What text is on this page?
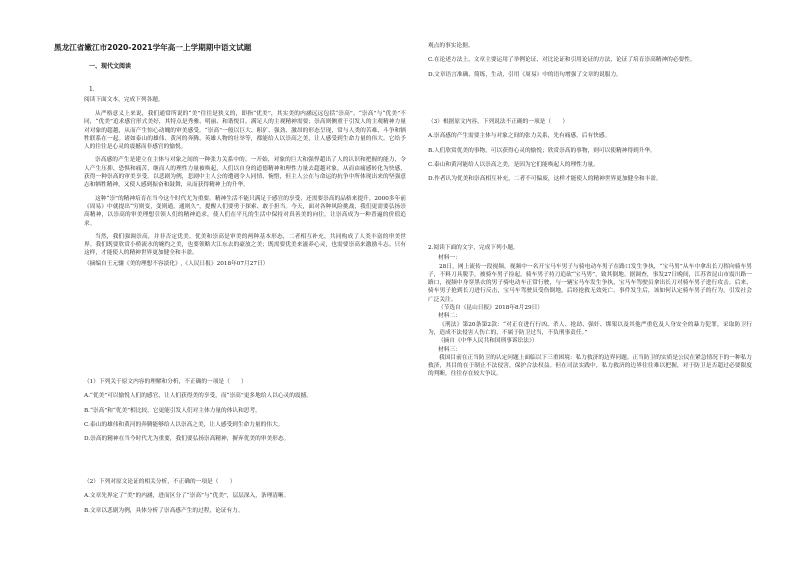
黑龙江省嫩江市2020-2021学年高一上学期期中语文试题
一、现代文阅读
1.

阅读下面文本，完成下列各题。

从严格意义上来说，我们通常所说的“美”往往是狭义的，即指“优美”，其实美的内涵远远包括“崇高”。“崇高”与“优美”不同，“优美”追求感官形式美好，其特点是秀雅、明丽、和谐悦目，满足人的主观精神需要；崇高则侧重于引发人的主观精神力量对对象的超越，从而产生惊心动魄的审美感受。“崇高”一般以巨大、粗犷、强劲、激昂的形态呈现，常与人类的苦难、斗争和牺牲联系在一起。诸如泰山的雄伟、黄河的奔腾、英雄人物的壮举等，都能给人以崇高之美，让人感受到生命力量的伟大。它给予人的往往是心灵的震撼而非感官的愉悦。

崇高感的产生是建立在主体与对象之间的一种张力关系中的。一开始，对象的巨大和强悍超出了人的认识和把握的能力，令人产生压抑、恐惧和痛苦，继而人的理性力量被唤起，人们以自身的道德精神和理性力量去超越对象，从而由痛感转化为快感，获得一种崇高的审美享受。以悲剧为例，悲剧中主人公的遭遇令人同情、惋惜，但主人公在与命运的抗争中所体现出来的坚强意志和牺牲精神，又使人感到振奋和鼓舞，从而获得精神上的升华。

这种“崇”的精神培育在当今这个时代尤为重要。精神生活不能只满足于感官的享受，还需要崇高的品格来提升。2000多年前《周易》中就提出“穷则变，变则通，通则久”，提醒人们要勇于探索、敢于担当。今天，面对各种风险挑战，我们更需要弘扬崇高精神，以崇高的审美理想引领人们的精神追求，使人们在平凡的生活中保持对真善美的向往，让崇高成为一种普遍的价值追求。

当然，我们强调崇高，并非否定优美。优美和崇高是审美的两种基本形态，二者相互补充，共同构成了人类丰富的审美世界。我们既要欣赏小桥流水的婉约之美，也要领略大江东去的豪放之美；既需要优美来滋养心灵，也需要崇高来激励斗志。只有这样，才能使人的精神世界更加健全和丰盈。

（摘编自王元骧《美的理想不容淡化》,《人民日报》2018年07月27日）

（1）下列关于原文内容的理解和分析，不正确的一项是（　　）

A.“优美”可以愉悦人们的感官，让人们获得美的享受，而“崇高”更多地给人以心灵的震撼。

B.“崇高”和“优美”相比较，它更能引发人们对主体力量的体认和思考。

C.泰山的雄伟和黄河的奔腾能够给人以崇高之美，让人感受到生命力量的伟大。

D.崇高的精神在当今时代尤为重要，我们要弘扬崇高精神，摒弃优美的审美形态。

（2）下列对原文论证的相关分析，不正确的一项是（　　）

A.文章先界定了“美”的内涵，进而区分了“崇高”与“优美”，层层深入，条理清晰。

B.文章以悲剧为例，具体分析了崇高感产生的过程，论证有力。

观点的事实论据。

C.在论述方法上，文章主要运用了举例论证、对比论证和引用论证的方法，论证了培育崇高精神的必要性。

D.文章语言准确、简练，生动，引用《周易》中的语句增强了文章的说服力。

（3）根据原文内容，下列说法不正确的一项是（　　）

A.崇高感的产生需要主体与对象之间的张力关系，先有痛感，后有快感。

B.人们欣赏优美的事物，可以获得心灵的愉悦；欣赏崇高的事物，则可以使精神得到升华。

C.泰山和黄河能给人以崇高之美，是因为它们能唤起人的理性力量。

D.作者认为优美和崇高相互补充，二者不可偏废，这样才能使人的精神世界更加健全和丰盈。

2.阅读下面的文字，完成下列小题。

材料一：

28日，网上流传一段视频，视频中一名开宝马车男子与骑电动车男子在路口发生争执，“宝马男”从车中拿出长刀挥向骑车男子，不料刀具脱手，被骑车男子捡起，骑车男子持刀追砍“宝马男”，致其倒地。据调查，事发27日晚间，江苏省昆山市震川路一路口，视频中身穿黑衣的男子骑电动车正常行驶，与一辆宝马车发生争执，宝马车驾驶员拿出长刀对骑车男子进行攻击。后来，骑车男子抢到长刀进行反击，宝马车驾驶员受伤倒地，后经抢救无效死亡。事件发生后，该如何认定骑车男子的行为，引发社会广泛关注。

（节选自《昆山日报》2018年8月29日）

材料二：

《刑法》第20条第2款：“对正在进行行凶、杀人、抢劫、强奸、绑架以及其他严重危及人身安全的暴力犯罪，采取防卫行为，造成不法侵害人伤亡的，不属于防卫过当，不负刑事责任。”

（摘自《中华人民共和国刑事诉讼法》）

材料三：

我国目前在正当防卫的认定问题上面临以下三重困境：私力救济的边界问题。正当防卫的实质是公民在紧急情况下的一种私力救济，其目的在于制止不法侵害，保护合法权益。但在司法实践中，私力救济的边界往往难以把握，对于防卫是否超过必要限度的判断，往往存在较大争议。
